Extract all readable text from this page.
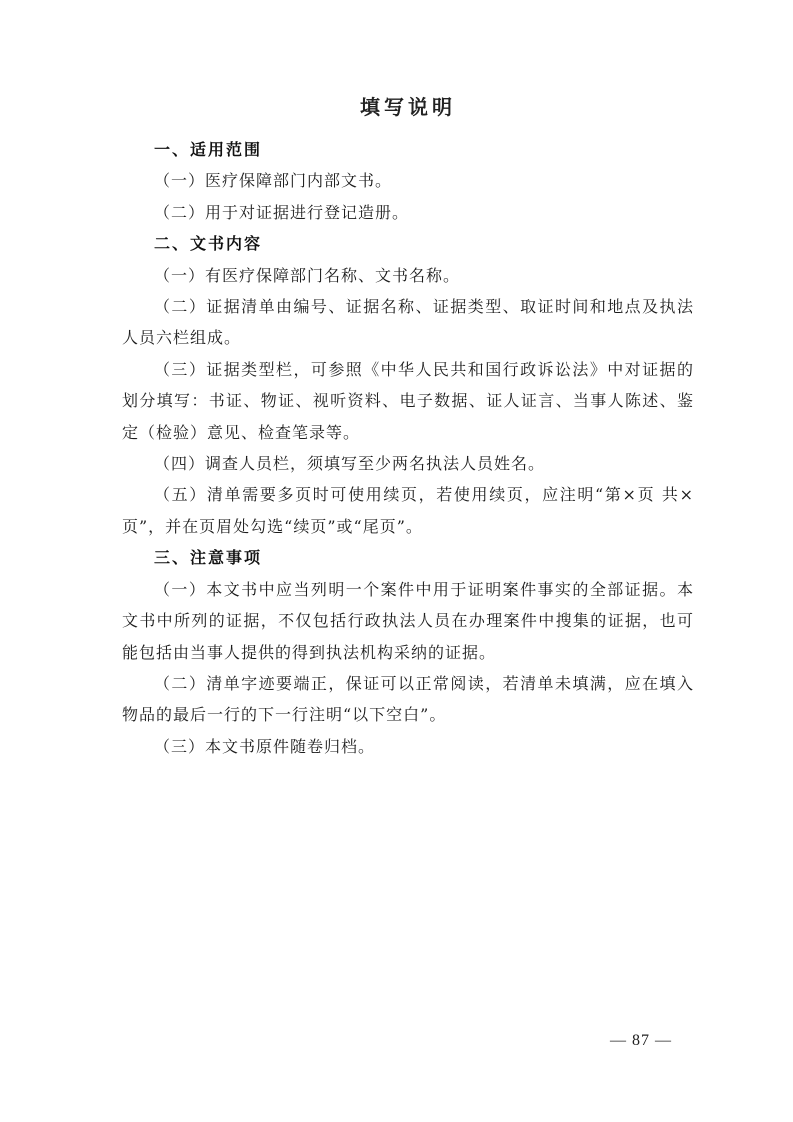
填写说明
一、适用范围

（一）医疗保障部门内部文书。

（二）用于对证据进行登记造册。

二、文书内容

（一）有医疗保障部门名称、文书名称。

（二）证据清单由编号、证据名称、证据类型、取证时间和地点及执法人员六栏组成。

（三）证据类型栏，可参照《中华人民共和国行政诉讼法》中对证据的划分填写：书证、物证、视听资料、电子数据、证人证言、当事人陈述、鉴定（检验）意见、检查笔录等。

（四）调查人员栏，须填写至少两名执法人员姓名。

（五）清单需要多页时可使用续页，若使用续页，应注明“第×页 共×页”，并在页眉处勾选“续页”或“尾页”。

三、注意事项

（一）本文书中应当列明一个案件中用于证明案件事实的全部证据。本文书中所列的证据，不仅包括行政执法人员在办理案件中搜集的证据，也可能包括由当事人提供的得到执法机构采纳的证据。

（二）清单字迹要端正，保证可以正常阅读，若清单未填满，应在填入物品的最后一行的下一行注明“以下空白”。

（三）本文书原件随卷归档。

— 87 —
